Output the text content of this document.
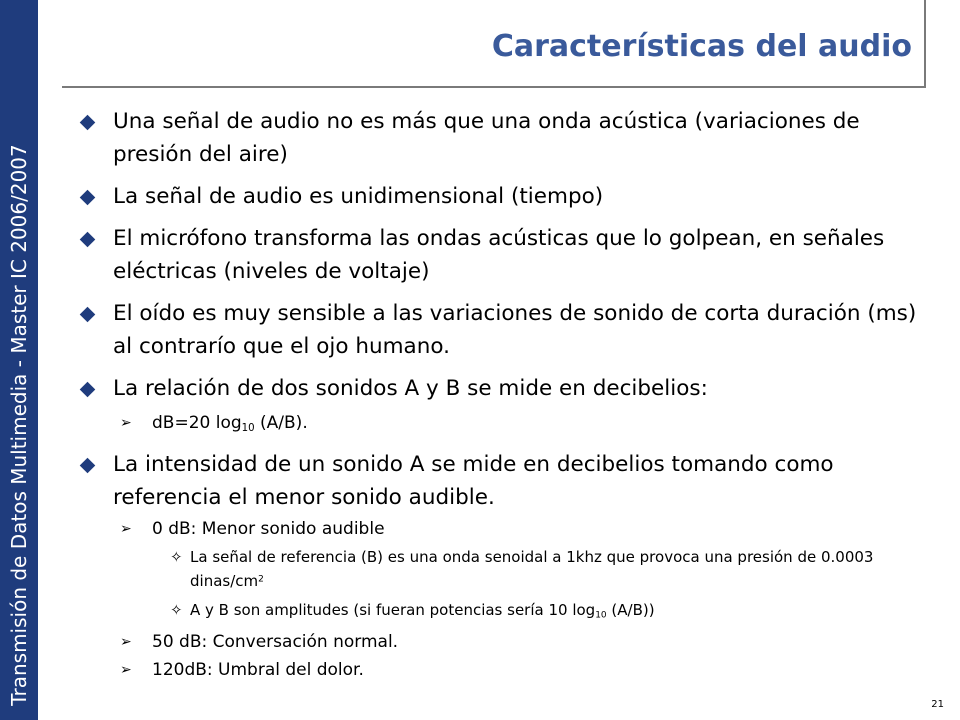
Transmisión de Datos Multimedia - Master IC 2006/2007
Características del audio
Una señal de audio no es más que una onda acústica (variaciones de presión del aire)
La señal de audio es unidimensional (tiempo)
El micrófono transforma las ondas acústicas que lo golpean, en señales eléctricas (niveles de voltaje)
El oído es muy sensible a las variaciones de sonido de corta duración (ms) al contrarío que el ojo humano.
La relación de dos sonidos A y B se mide en decibelios:
➢ dB=20 $\log_{10} (A/B)$.
La intensidad de un sonido A se mide en decibelios tomando como referencia el menor sonido audible.
➢ 0 dB: Menor sonido audible
✧ La señal de referencia (B) es una onda senoidal a 1khz que provoca una presión de 0.0003 dinas/$cm^2$
✧ A y B son amplitudes (si fueran potencias sería 10 $\log_{10} (A/B)$)
➢ 50 dB: Conversación normal.
➢ 120dB: Umbral del dolor.
21
